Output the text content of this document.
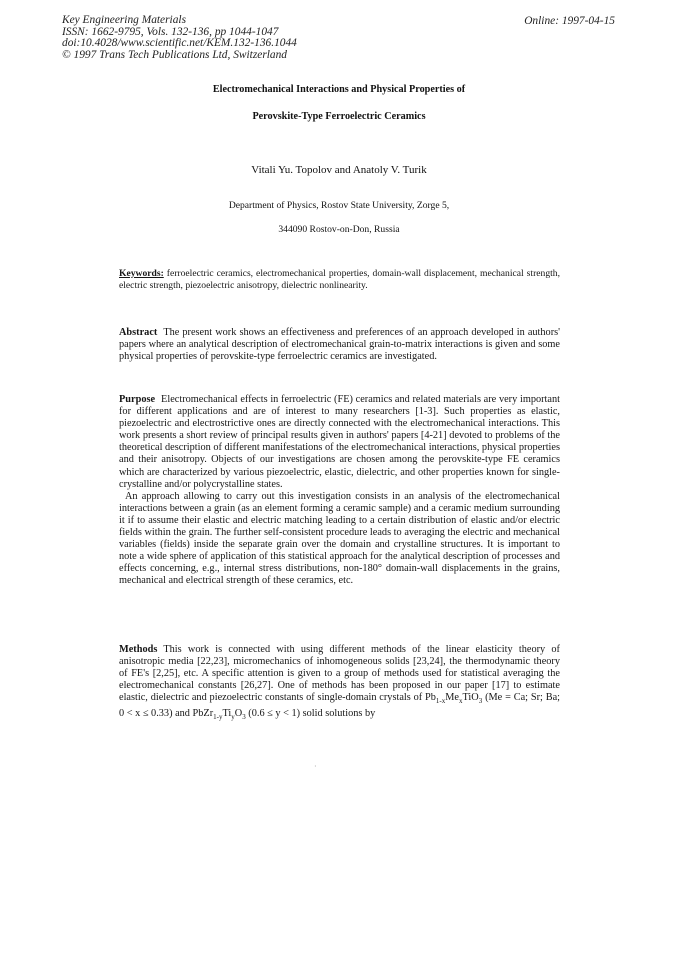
Key Engineering Materials
ISSN: 1662-9795, Vols. 132-136, pp 1044-1047
doi:10.4028/www.scientific.net/KEM.132-136.1044
© 1997 Trans Tech Publications Ltd, Switzerland
Online: 1997-04-15
Electromechanical Interactions and Physical Properties of
Perovskite-Type Ferroelectric Ceramics
Vitali Yu. Topolov and Anatoly V. Turik
Department of Physics, Rostov State University, Zorge 5,
344090 Rostov-on-Don, Russia

Keywords: ferroelectric ceramics, electromechanical properties, domain-wall displacement, mechanical strength, electric strength, piezoelectric anisotropy, dielectric nonlinearity.

Abstract The present work shows an effectiveness and preferences of an approach developed in authors' papers where an analytical description of electromechanical grain-to-matrix interactions is given and some physical properties of perovskite-type ferroelectric ceramics are investigated.

Purpose Electromechanical effects in ferroelectric (FE) ceramics and related materials are very important for different applications and are of interest to many researchers [1-3]. Such properties as elastic, piezoelectric and electrostrictive ones are directly connected with the electromechanical interactions. This work presents a short review of principal results given in authors' papers [4-21] devoted to problems of the theoretical description of different manifestations of the electromechanical interactions, physical properties and their anisotropy. Objects of our investigations are chosen among the perovskite-type FE ceramics which are characterized by various piezoelectric, elastic, dielectric, and other properties known for single-crystalline and/or polycrystalline states.

An approach allowing to carry out this investigation consists in an analysis of the electromechanical interactions between a grain (as an element forming a ceramic sample) and a ceramic medium surrounding it if to assume their elastic and electric matching leading to a certain distribution of elastic and/or electric fields within the grain. The further self-consistent procedure leads to averaging the electric and mechanical variables (fields) inside the separate grain over the domain and crystalline structures. It is important to note a wide sphere of application of this statistical approach for the analytical description of processes and effects concerning, e.g., internal stress distributions, non-180° domain-wall displacements in the grains, mechanical and electrical strength of these ceramics, etc.

Methods This work is connected with using different methods of the linear elasticity theory of anisotropic media [22,23], micromechanics of inhomogeneous solids [23,24], the thermodynamic theory of FE's [2,25], etc. A specific attention is given to a group of methods used for statistical averaging the electromechanical constants [26,27]. One of methods has been proposed in our paper [17] to estimate elastic, dielectric and piezoelectric constants of single-domain crystals of $Pb_{1-x}Me_xTiO_3$ (Me = Ca; Sr; Ba; 0 < x ≤ 0.33) and $PbZr_{1-y}Ti_yO_3$ (0.6 ≤ y < 1) solid solutions by

·
